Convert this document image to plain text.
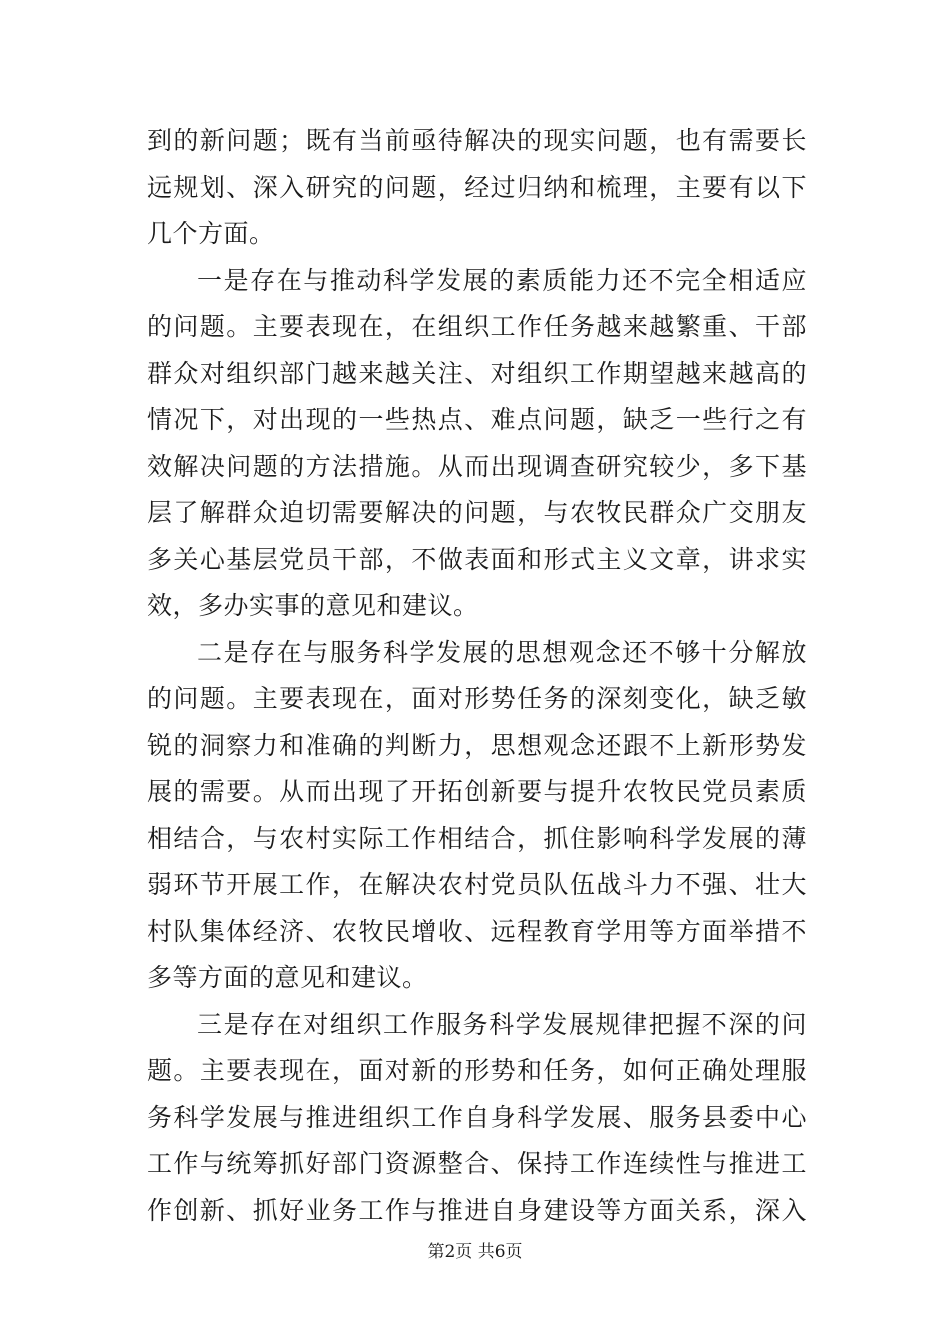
到的新问题；既有当前亟待解决的现实问题，也有需要长
远规划、深入研究的问题，经过归纳和梳理，主要有以下
几个方面。
一是存在与推动科学发展的素质能力还不完全相适应
的问题。主要表现在，在组织工作任务越来越繁重、干部
群众对组织部门越来越关注、对组织工作期望越来越高的
情况下，对出现的一些热点、难点问题，缺乏一些行之有
效解决问题的方法措施。从而出现调查研究较少，多下基
层了解群众迫切需要解决的问题，与农牧民群众广交朋友
多关心基层党员干部，不做表面和形式主义文章，讲求实
效，多办实事的意见和建议。
二是存在与服务科学发展的思想观念还不够十分解放
的问题。主要表现在，面对形势任务的深刻变化，缺乏敏
锐的洞察力和准确的判断力，思想观念还跟不上新形势发
展的需要。从而出现了开拓创新要与提升农牧民党员素质
相结合，与农村实际工作相结合，抓住影响科学发展的薄
弱环节开展工作，在解决农村党员队伍战斗力不强、壮大
村队集体经济、农牧民增收、远程教育学用等方面举措不
多等方面的意见和建议。
三是存在对组织工作服务科学发展规律把握不深的问
题。主要表现在，面对新的形势和任务，如何正确处理服
务科学发展与推进组织工作自身科学发展、服务县委中心
工作与统筹抓好部门资源整合、保持工作连续性与推进工
作创新、抓好业务工作与推进自身建设等方面关系，深入
第2页 共6页
